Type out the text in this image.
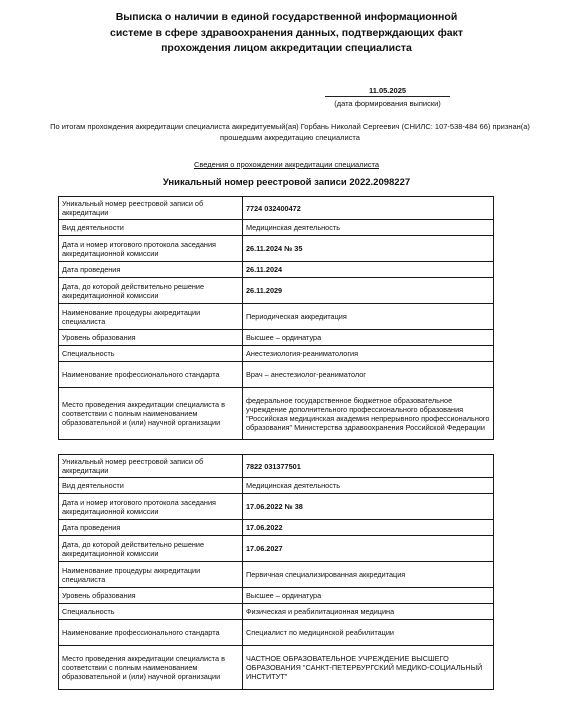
Выписка о наличии в единой государственной информационной
системе в сфере здравоохранения данных, подтверждающих факт
прохождения лицом аккредитации специалиста
11.05.2025
(дата формирования выписки)
По итогам прохождения аккредитации специалиста аккредитуемый(ая) Горбань Николай Сергеевич (СНИЛС: 107-538-484 66) признан(а) прошедшим аккредитацию специалиста
Сведения о прохождении аккредитации специалиста
Уникальный номер реестровой записи 2022.2098227
Уникальный номер реестровой записи об аккредитации	7724 032400472
Вид деятельности	Медицинская деятельность
Дата и номер итогового протокола заседания аккредитационной комиссии	26.11.2024 № 35
Дата проведения	26.11.2024
Дата, до которой действительно решение аккредитационной комиссии	26.11.2029
Наименование процедуры аккредитации специалиста	Периодическая аккредитация
Уровень образования	Высшее – ординатура
Специальность	Анестезиология-реаниматология
Наименование профессионального стандарта	Врач – анестезиолог-реаниматолог
Место проведения аккредитации специалиста в соответствии с полным наименованием образовательной и (или) научной организации	федеральное государственное бюджетное образовательное учреждение дополнительного профессионального образования "Российская медицинская академия непрерывного профессионального образования" Министерства здравоохранения Российской Федерации
Уникальный номер реестровой записи об аккредитации	7822 031377501
Вид деятельности	Медицинская деятельность
Дата и номер итогового протокола заседания аккредитационной комиссии	17.06.2022 № 38
Дата проведения	17.06.2022
Дата, до которой действительно решение аккредитационной комиссии	17.06.2027
Наименование процедуры аккредитации специалиста	Первичная специализированная аккредитация
Уровень образования	Высшее – ординатура
Специальность	Физическая и реабилитационная медицина
Наименование профессионального стандарта	Специалист по медицинской реабилитации
Место проведения аккредитации специалиста в соответствии с полным наименованием образовательной и (или) научной организации	ЧАСТНОЕ ОБРАЗОВАТЕЛЬНОЕ УЧРЕЖДЕНИЕ ВЫСШЕГО ОБРАЗОВАНИЯ "САНКТ-ПЕТЕРБУРГСКИЙ МЕДИКО-СОЦИАЛЬНЫЙ ИНСТИТУТ"
